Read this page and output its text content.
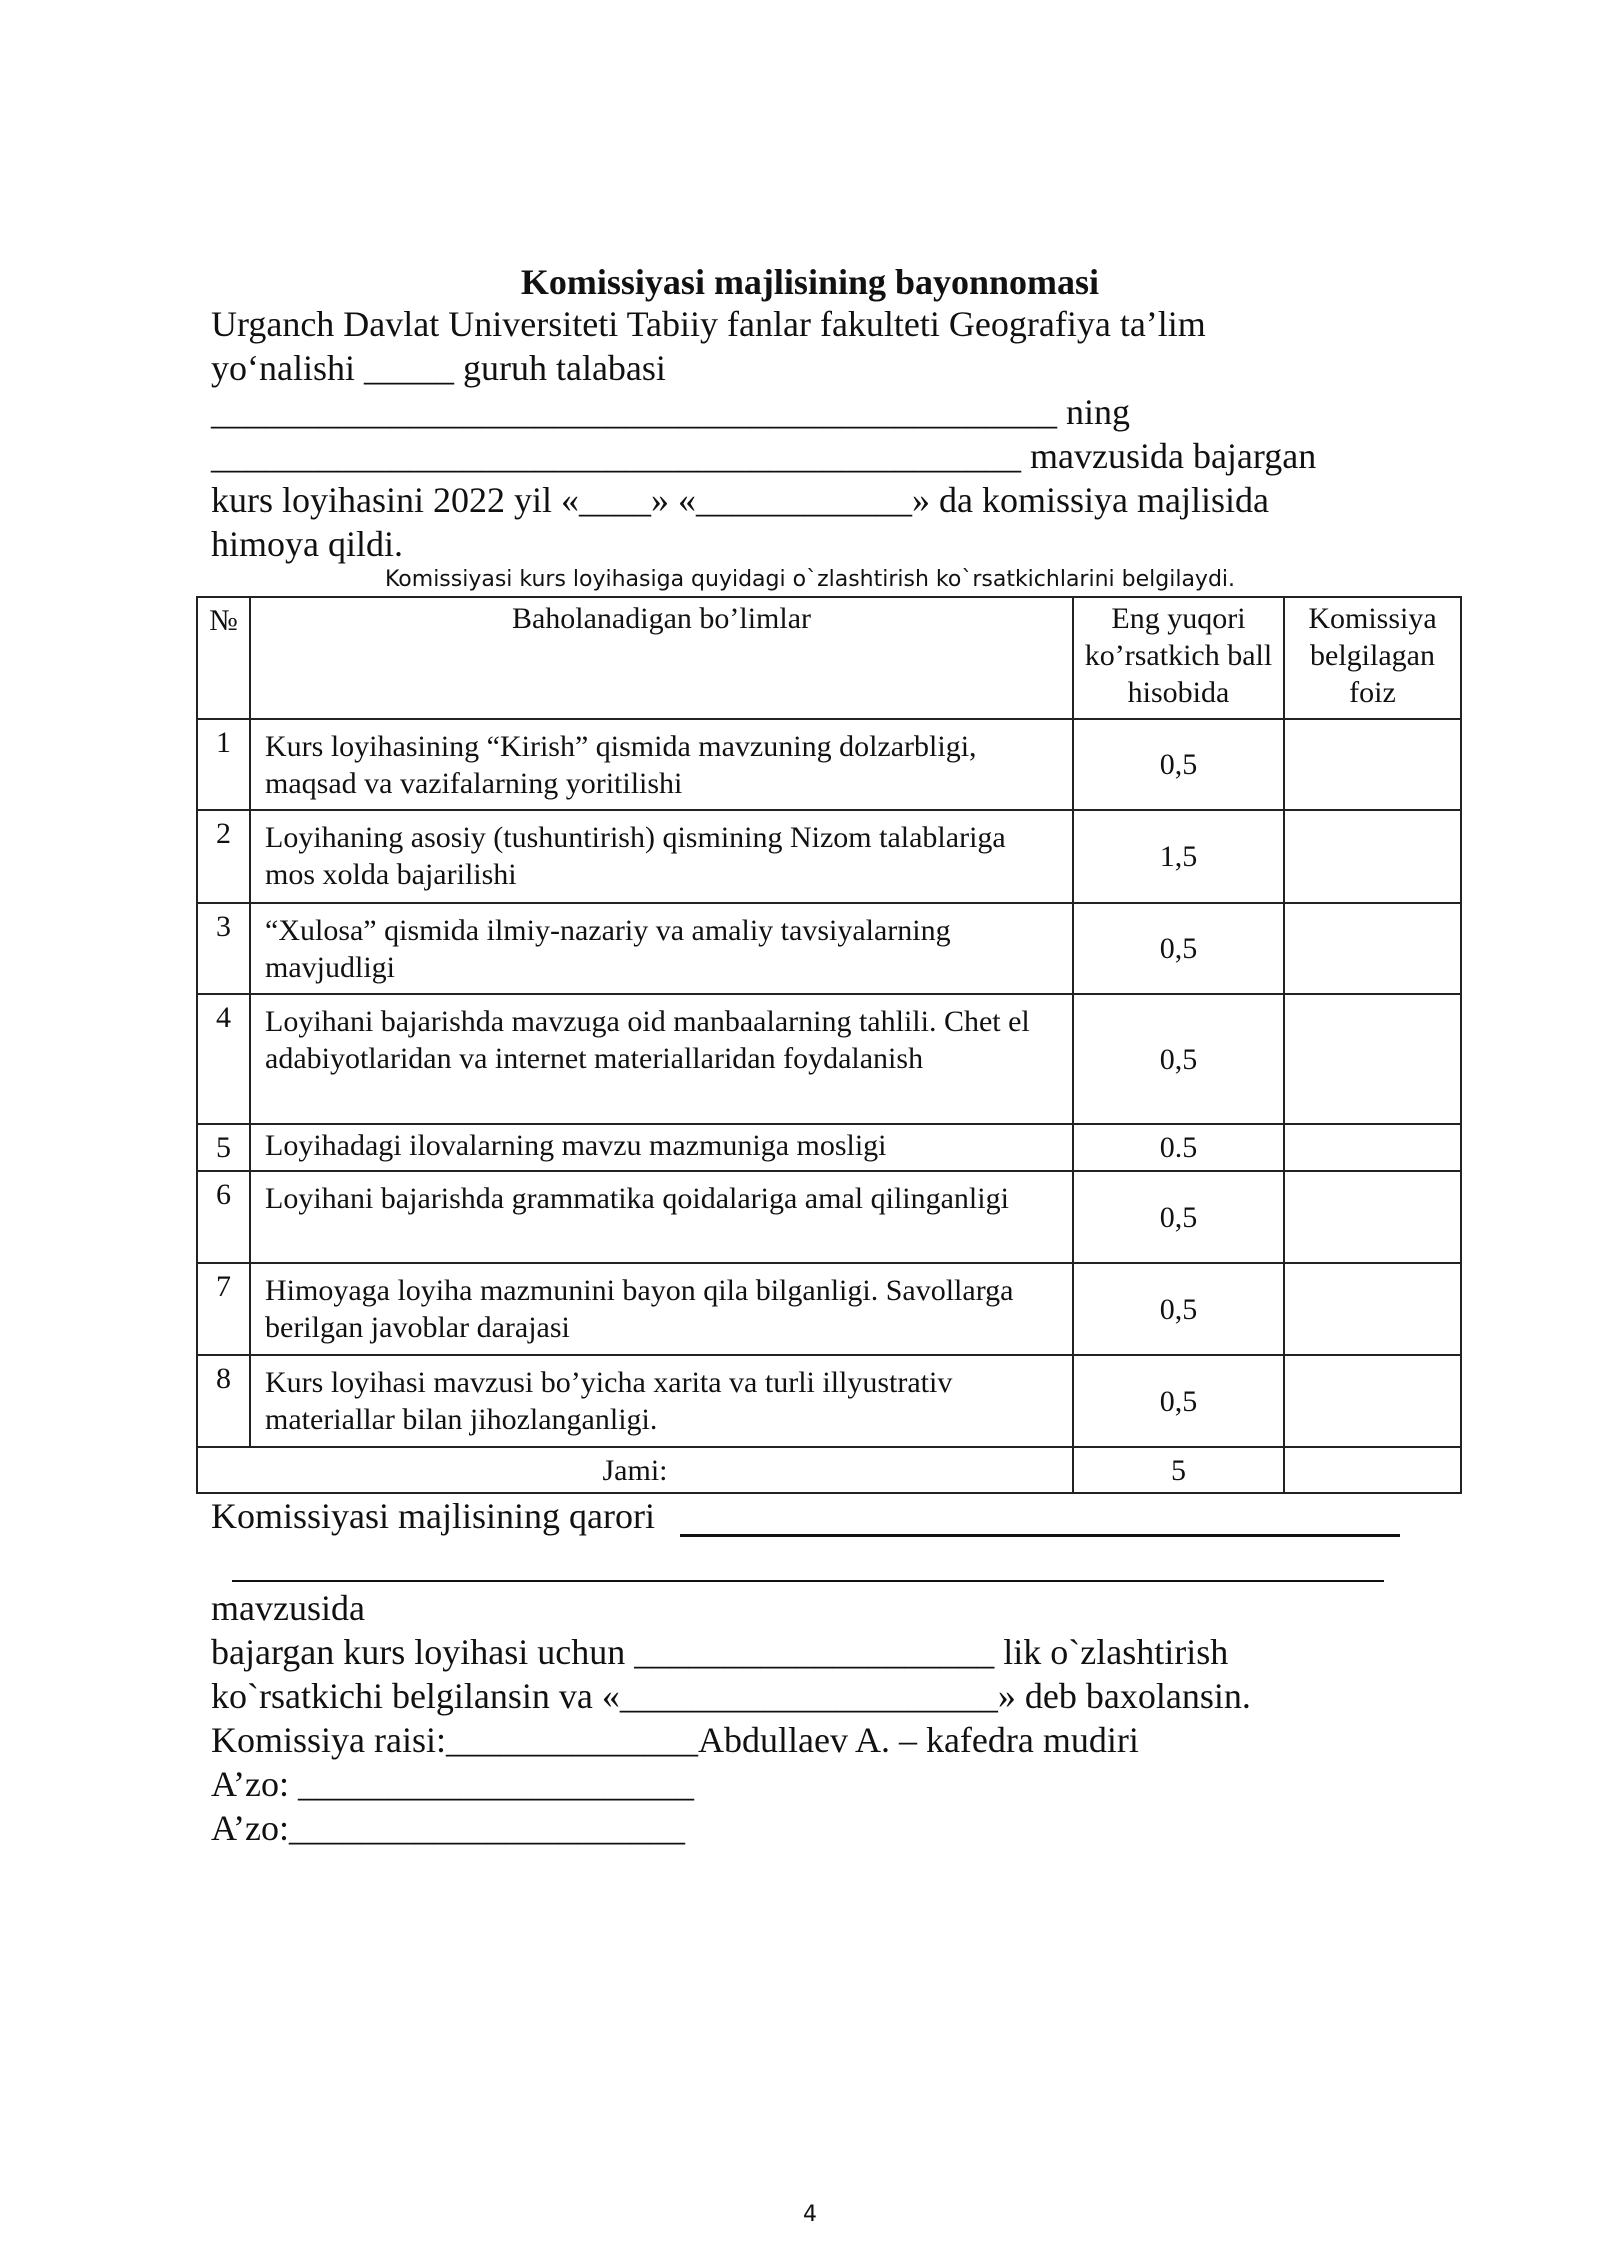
Komissiyasi majlisining bayonnomasi
Urganch Davlat Universiteti Tabiiy fanlar fakulteti Geografiya ta’lim
yo‘nalishi _____ guruh talabasi
_______________________________________________ ning
_____________________________________________ mavzusida bajargan
kurs loyihasini 2022 yil «____» «____________» da komissiya majlisida
himoya qildi.
Komissiyasi kurs loyihasiga quyidagi o`zlashtirish ko`rsatkichlarini belgilaydi.
№	Baholanadigan bo’limlar	Eng yuqori ko’rsatkich ball hisobida	Komissiya belgilagan foiz
1	Kurs loyihasining “Kirish” qismida mavzuning dolzarbligi, maqsad va vazifalarning yoritilishi	0,5	
2	Loyihaning asosiy (tushuntirish) qismining Nizom talablariga mos xolda bajarilishi	1,5	
3	“Xulosa” qismida ilmiy-nazariy va amaliy tavsiyalarning mavjudligi	0,5	
4	Loyihani bajarishda mavzuga oid manbaalarning tahlili. Chet el adabiyotlaridan va internet materiallaridan foydalanish	0,5	
5	Loyihadagi ilovalarning mavzu mazmuniga mosligi	0.5	
6	Loyihani bajarishda grammatika qoidalariga amal qilinganligi	0,5	
7	Himoyaga loyiha mazmunini bayon qila bilganligi. Savollarga berilgan javoblar darajasi	0,5	
8	Kurs loyihasi mavzusi bo’yicha xarita va turli illyustrativ materiallar bilan jihozlanganligi.	0,5	
Jami:		5	
Komissiyasi majlisining qarori
mavzusida
bajargan kurs loyihasi uchun ____________________ lik o`zlashtirish
ko`rsatkichi belgilansin va «_____________________» deb baxolansin.
Komissiya raisi:______________Abdullaev A. – kafedra mudiri
A’zo: ______________________
A’zo:______________________
4
